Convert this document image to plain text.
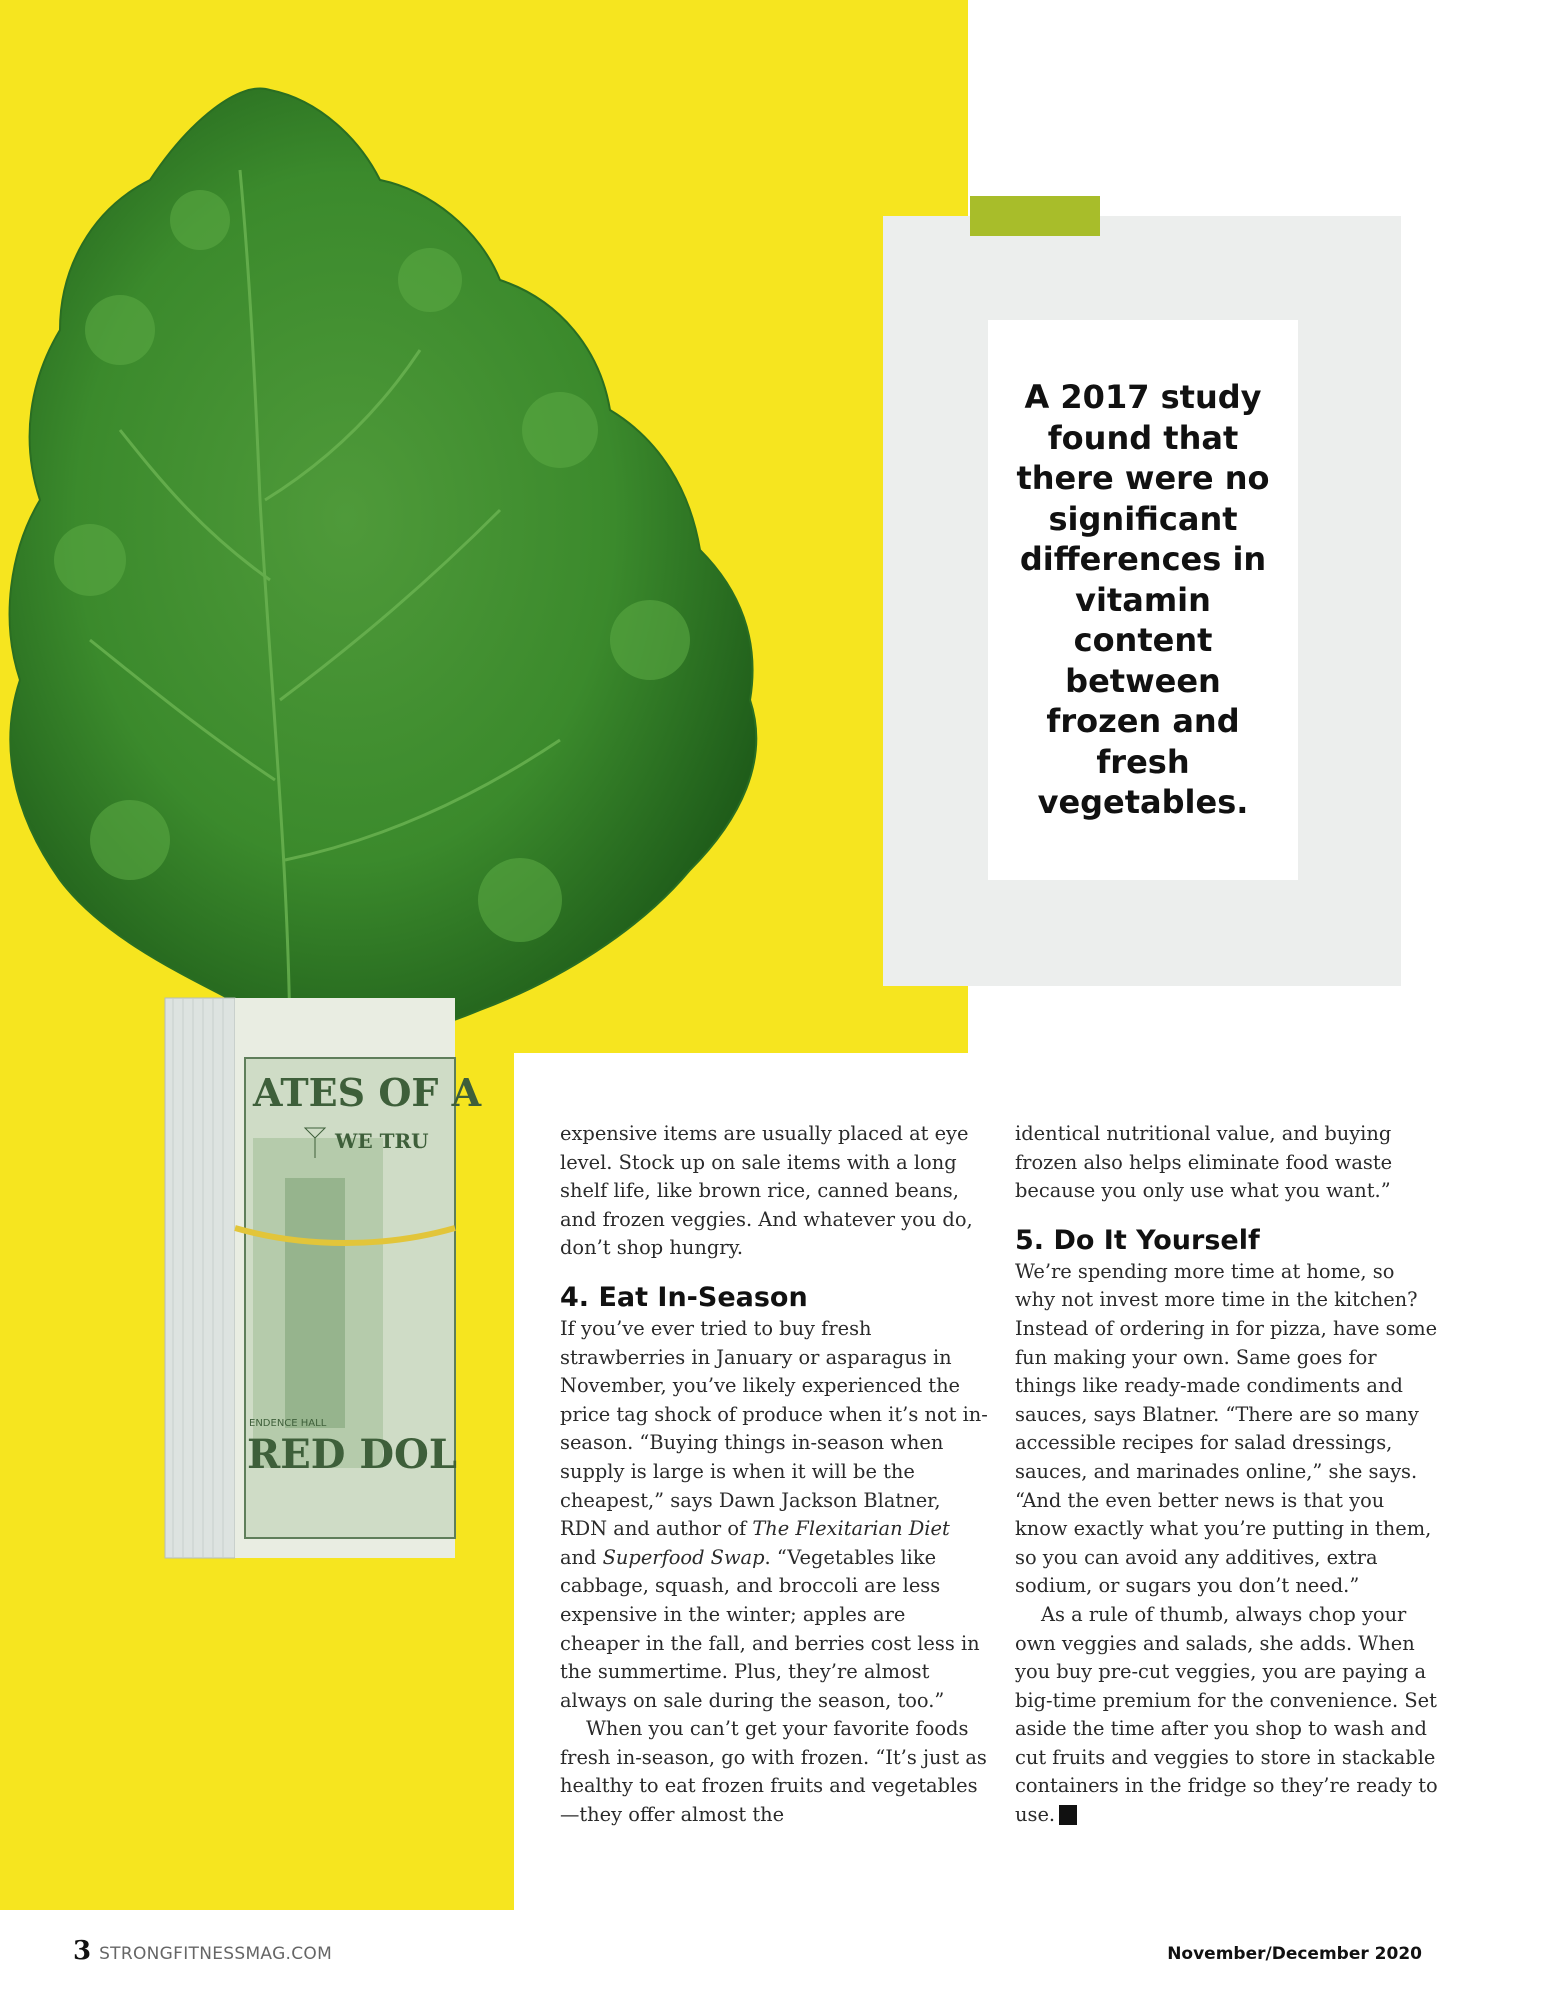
ATES OF A
WE TRU
ENDENCE HALL
RED DOL

A 2017 study found that there were no significant differences in vitamin content between frozen and fresh vegetables.

expensive items are usually placed at eye level. Stock up on sale items with a long shelf life, like brown rice, canned beans, and frozen veggies. And whatever you do, don’t shop hungry.

4. Eat In-Season

If you’ve ever tried to buy fresh strawberries in January or asparagus in November, you’ve likely experienced the price tag shock of produce when it’s not in-season. “Buying things in-season when supply is large is when it will be the cheapest,” says Dawn Jackson Blatner, RDN and author of The Flexitarian Diet and Superfood Swap. “Vegetables like cabbage, squash, and broccoli are less expensive in the winter; apples are cheaper in the fall, and berries cost less in the summertime. Plus, they’re almost always on sale during the season, too.”

When you can’t get your favorite foods fresh in-season, go with frozen. “It’s just as healthy to eat frozen fruits and vegetables—they offer almost the

identical nutritional value, and buying frozen also helps eliminate food waste because you only use what you want.”

5. Do It Yourself

We’re spending more time at home, so why not invest more time in the kitchen? Instead of ordering in for pizza, have some fun making your own. Same goes for things like ready-made condiments and sauces, says Blatner. “There are so many accessible recipes for salad dressings, sauces, and marinades online,” she says. “And the even better news is that you know exactly what you’re putting in them, so you can avoid any additives, extra sodium, or sugars you don’t need.”

As a rule of thumb, always chop your own veggies and salads, she adds. When you buy pre-cut veggies, you are paying a big-time premium for the convenience. Set aside the time after you shop to wash and cut fruits and veggies to store in stackable containers in the fridge so they’re ready to use. S

3 STRONGFITNESSMAG.COM	November/December 2020
